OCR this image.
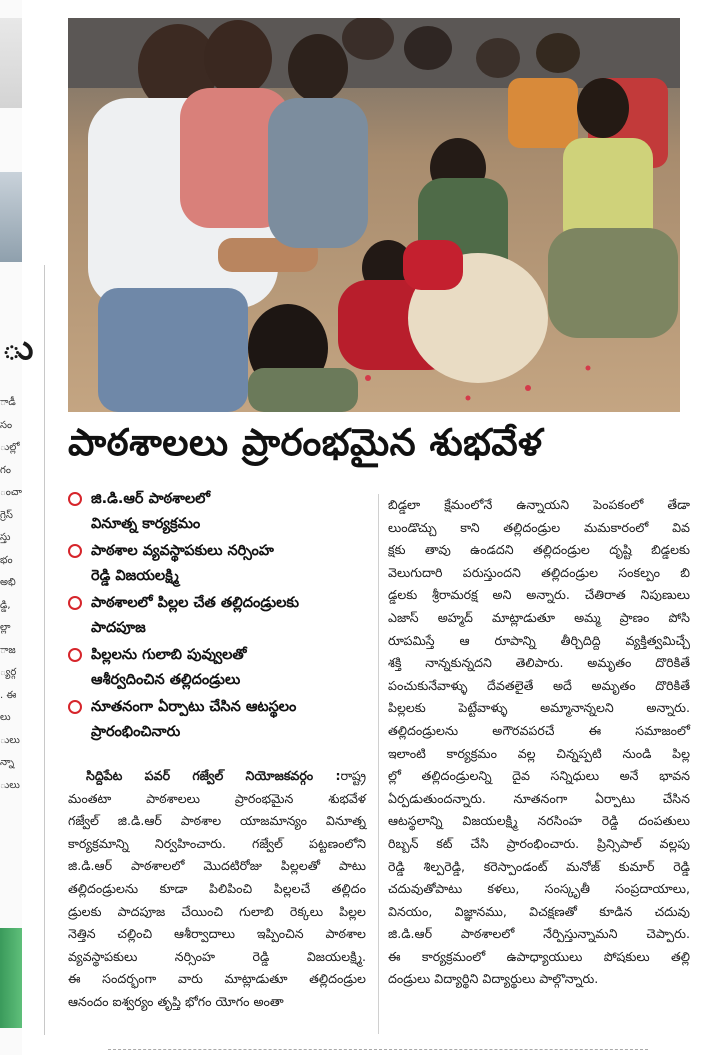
ు
ాడీ
సం
ుల్లో
గం
ంచా
గ్రెస్
స్తు
భం
అభి
డ్డి,
ల్లా
ాజ
్యర్గ
. ఈ
లు
ులు
న్నా
ులు
పాఠశాలలు ప్రారంభమైన శుభవేళ
జి.డి.ఆర్ పాఠశాలలో
వినూత్న కార్యక్రమం
పాఠశాల వ్యవస్థాపకులు నర్సింహ
రెడ్డి విజయలక్ష్మి
పాఠశాలలో పిల్లల చేత తల్లిదండ్రులకు
పాదపూజ
పిల్లలను గులాబి పువ్వులతో
ఆశీర్వదించిన తల్లిదండ్రులు
నూతనంగా ఏర్పాటు చేసిన ఆటస్థలం
ప్రారంభించినారు

సిద్దిపేట పవర్ గజ్వేల్ నియోజకవర్గం :రాష్ట్ర

మంతటా పాఠశాలలు ప్రారంభమైన శుభవేళ

గజ్వేల్ జి.డి.ఆర్ పాఠశాల యాజమాన్యం వినూత్న

కార్యక్రమాన్ని నిర్వహించారు. గజ్వేల్ పట్టణంలోని

జి.డి.ఆర్ పాఠశాలలో మొదటిరోజు పిల్లలతో పాటు

తల్లిదండ్రులను కూడా పిలిపించి పిల్లలచే తల్లిదం

డ్రులకు పాదపూజ చేయించి గులాబి రెక్కలు పిల్లల

నెత్తిన చల్లించి ఆశీర్వాదాలు ఇప్పించిన పాఠశాల

వ్యవస్థాపకులు నర్సింహ రెడ్డి విజయలక్ష్మి.

ఈ సందర్భంగా వారు మాట్లాడుతూ తల్లిదండ్రుల

ఆనందం ఐశ్వర్యం తృప్తి భోగం యోగం అంతా

బిడ్డలా క్షేమంలోనే ఉన్నాయని పెంపకంలో తేడా

లుండొచ్చు కాని తల్లిదండ్రుల మమకారంలో వివ

క్షకు తావు ఉండదని తల్లిదండ్రుల దృష్టి బిడ్డలకు

వెలుగుదారి పరుస్తుందని తల్లిదండ్రుల సంకల్పం బి

డ్డలకు శ్రీరామరక్ష అని అన్నారు. చేతిరాత నిపుణులు

ఎజాస్ అహ్మద్ మాట్లాడుతూ అమ్మ ప్రాణం పోసి

రూపమిస్తే ఆ రూపాన్ని తీర్చిదిద్ది వ్యక్తిత్వమిచ్చే

శక్తి నాన్నకున్నదని తెలిపారు. అమృతం దొరికితే

పంచుకునేవాళ్ళు దేవతలైతే అదే అమృతం దొరికితే

పిల్లలకు పెట్టేవాళ్ళు అమ్మానాన్నలని అన్నారు.

తల్లిదండ్రులను అగౌరవపరచే ఈ సమాజంలో

ఇలాంటి కార్యక్రమం వల్ల చిన్నప్పటి నుండి పిల్ల

ల్లో తల్లిదండ్రులన్ని దైవ సన్నిధులు అనే భావన

ఏర్పడుతుందన్నారు. నూతనంగా ఏర్పాటు చేసిన

ఆటస్థలాన్ని విజయలక్ష్మి నరసింహ రెడ్డి దంపతులు

రిబ్బన్ కట్ చేసి ప్రారంభించారు. ప్రిన్సిపాల్ వల్లపు

రెడ్డి శిల్పరెడ్డి, కరెస్పాండంట్ మనోజ్ కుమార్ రెడ్డి

చదువుతోపాటు కళలు, సంస్కృతీ సంప్రదాయాలు,

వినయం, విజ్ఞానము, విచక్షణతో కూడిన చదువు

జి.డి.ఆర్ పాఠశాలలో నేర్పిస్తున్నామని చెప్పారు.

ఈ కార్యక్రమంలో ఉపాధ్యాయులు పోషకులు తల్లి

దండ్రులు విద్యార్థిని విద్యార్థులు పాల్గొన్నారు.
